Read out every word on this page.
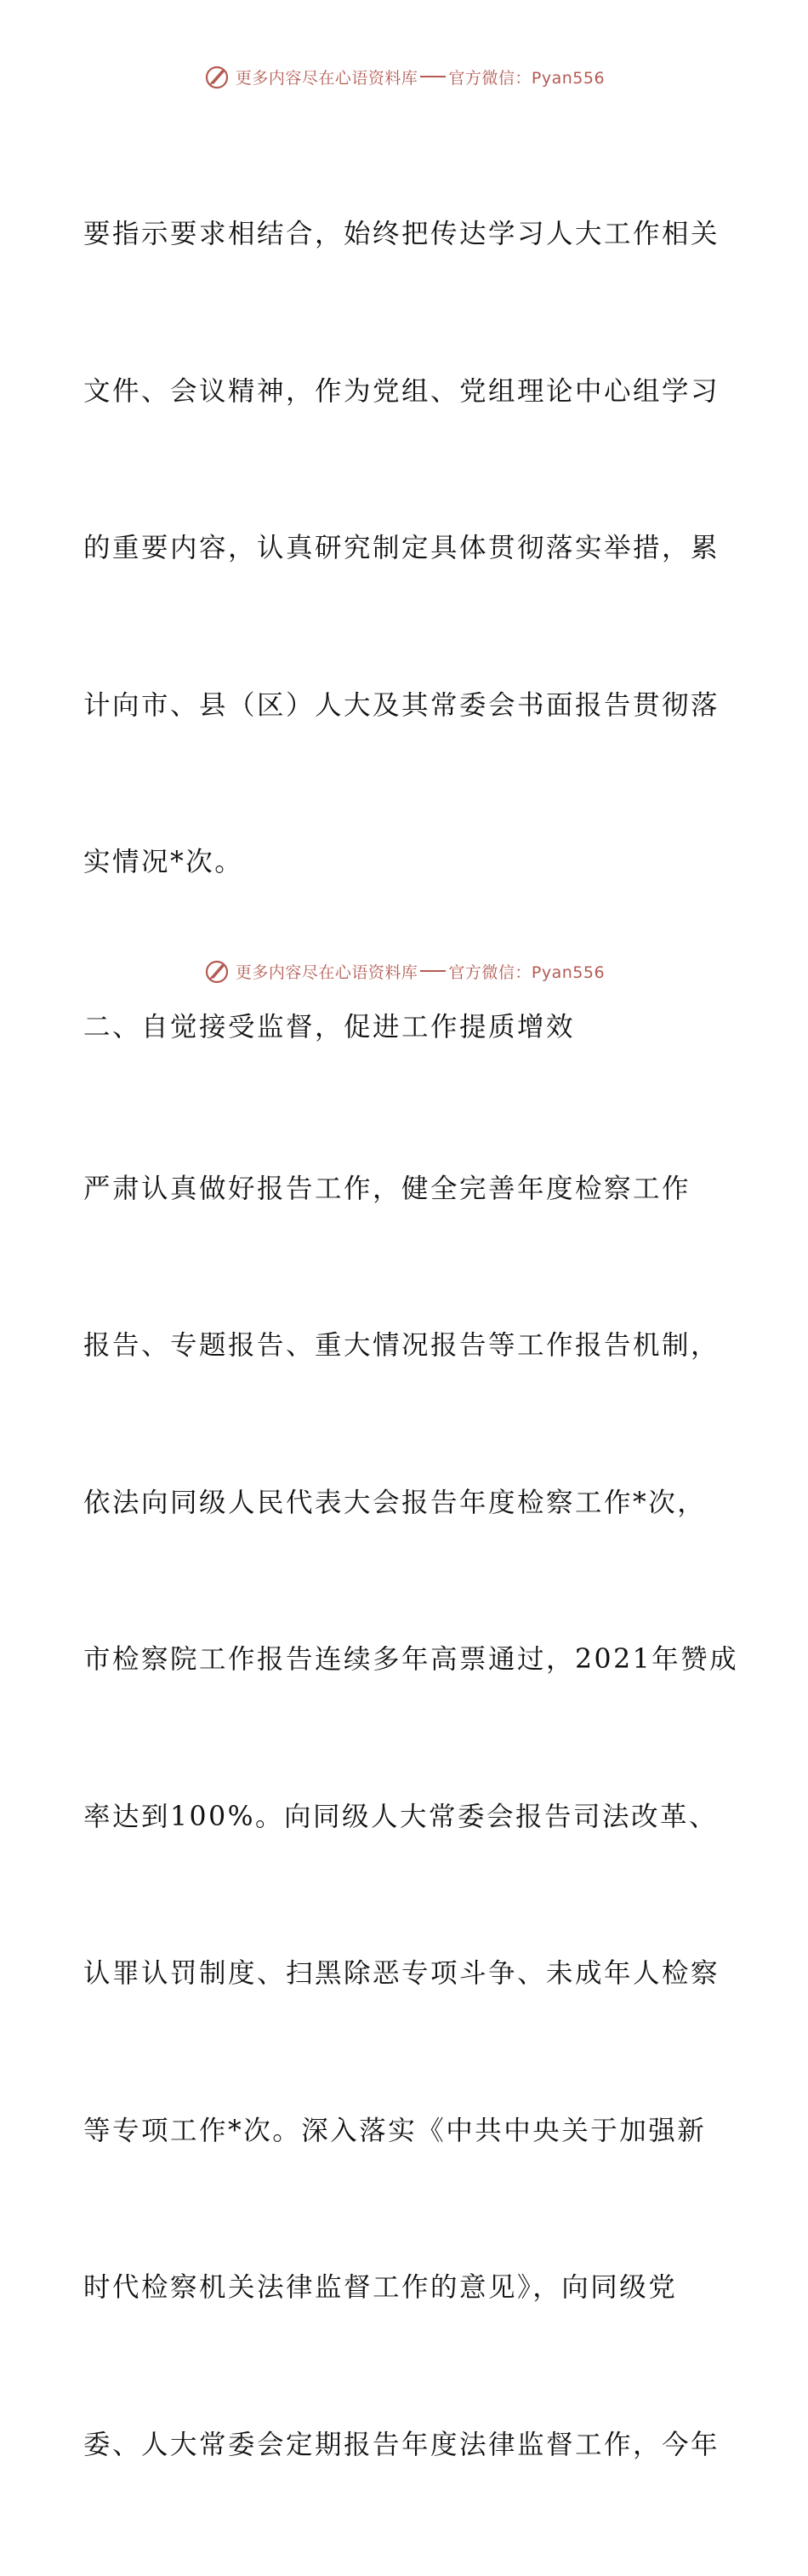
更多内容尽在心语资料库 官方微信：Pyan556

要指示要求相结合，始终把传达学习人大工作相关

文件、会议精神，作为党组、党组理论中心组学习

的重要内容，认真研究制定具体贯彻落实举措，累

计向市、县（区）人大及其常委会书面报告贯彻落

实情况*次。

二、自觉接受监督，促进工作提质增效

严肃认真做好报告工作，健全完善年度检察工作

报告、专题报告、重大情况报告等工作报告机制，

依法向同级人民代表大会报告年度检察工作*次，

市检察院工作报告连续多年高票通过，2021年赞成

率达到100%。向同级人大常委会报告司法改革、

认罪认罚制度、扫黑除恶专项斗争、未成年人检察

等专项工作*次。深入落实《中共中央关于加强新

时代检察机关法律监督工作的意见》，向同级党

委、人大常委会定期报告年度法律监督工作，今年

更多内容尽在心语资料库 官方微信：Pyan556
